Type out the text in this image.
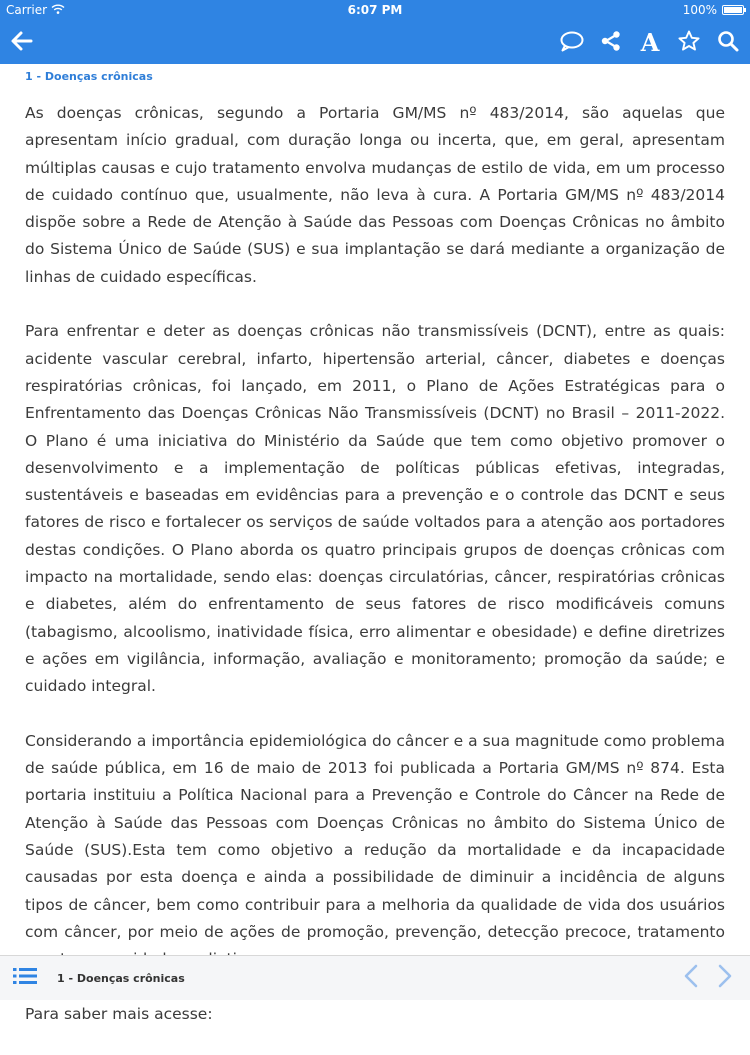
Carrier	6:07 PM	100%
A
1 - Doenças crônicas

As doenças crônicas, segundo a Portaria GM/MS nº 483/2014, são aquelas que apresentam início gradual, com duração longa ou incerta, que, em geral, apresentam múltiplas causas e cujo tratamento envolva mudanças de estilo de vida, em um processo de cuidado contínuo que, usualmente, não leva à cura. A Portaria GM/MS nº 483/2014 dispõe sobre a Rede de Atenção à Saúde das Pessoas com Doenças Crônicas no âmbito do Sistema Único de Saúde (SUS) e sua implantação se dará mediante a organização de linhas de cuidado específicas.

Para enfrentar e deter as doenças crônicas não transmissíveis (DCNT), entre as quais: acidente vascular cerebral, infarto, hipertensão arterial, câncer, diabetes e doenças respiratórias crônicas, foi lançado, em 2011, o Plano de Ações Estratégicas para o Enfrentamento das Doenças Crônicas Não Transmissíveis (DCNT) no Brasil – 2011-2022. O Plano é uma iniciativa do Ministério da Saúde que tem como objetivo promover o desenvolvimento e a implementação de políticas públicas efetivas, integradas, sustentáveis e baseadas em evidências para a prevenção e o controle das DCNT e seus fatores de risco e fortalecer os serviços de saúde voltados para a atenção aos portadores destas condições. O Plano aborda os quatro principais grupos de doenças crônicas com impacto na mortalidade, sendo elas: doenças circulatórias, câncer, respiratórias crônicas e diabetes, além do enfrentamento de seus fatores de risco modificáveis comuns (tabagismo, alcoolismo, inatividade física, erro alimentar e obesidade) e define diretrizes e ações em vigilância, informação, avaliação e monitoramento; promoção da saúde; e cuidado integral.

Considerando a importância epidemiológica do câncer e a sua magnitude como problema de saúde pública, em 16 de maio de 2013 foi publicada a Portaria GM/MS nº 874. Esta portaria instituiu a Política Nacional para a Prevenção e Controle do Câncer na Rede de Atenção à Saúde das Pessoas com Doenças Crônicas no âmbito do Sistema Único de Saúde (SUS).Esta tem como objetivo a redução da mortalidade e da incapacidade causadas por esta doença e ainda a possibilidade de diminuir a incidência de alguns tipos de câncer, bem como contribuir para a melhoria da qualidade de vida dos usuários com câncer, por meio de ações de promoção, prevenção, detecção precoce, tratamento

Para saber mais acesse:

1 - Doenças crônicas
